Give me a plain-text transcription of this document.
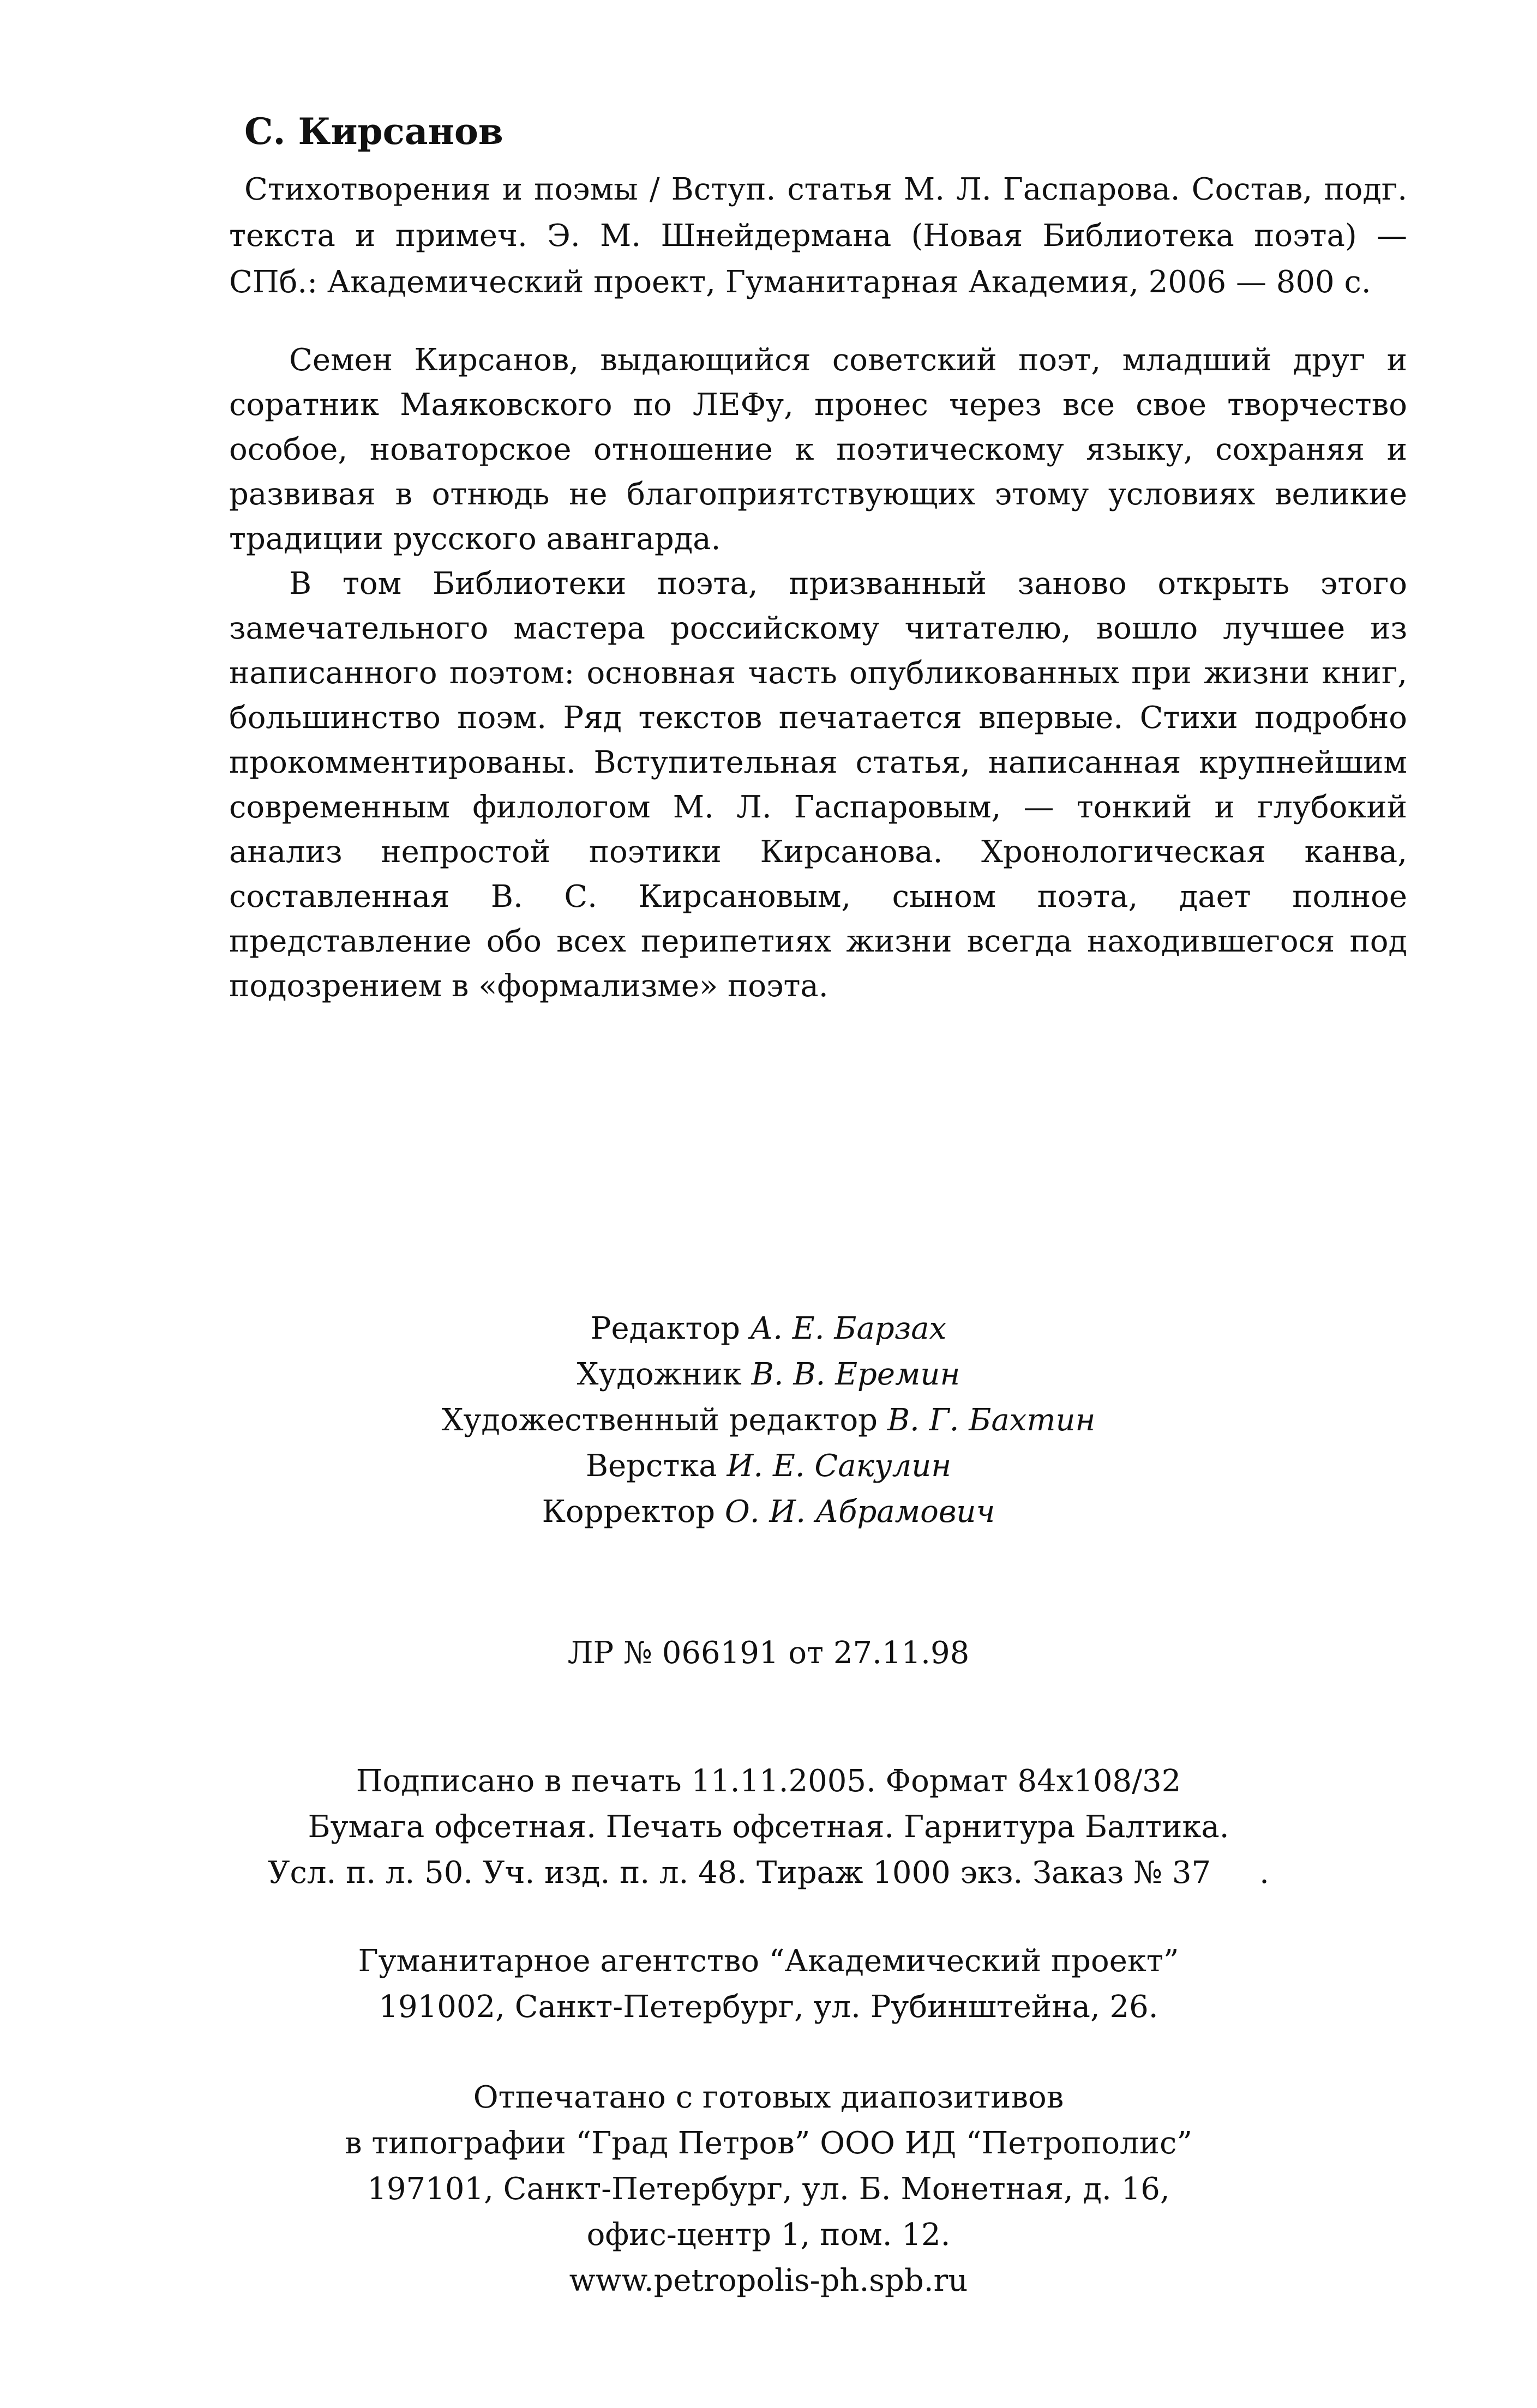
С. Кирсанов

Стихотворения и поэмы / Вступ. статья М. Л. Гаспарова. Состав, подг. текста и примеч. Э. М. Шнейдермана (Новая Библиотека поэта) — СПб.: Академический проект, Гуманитарная Академия, 2006 — 800 с.

Семен Кирсанов, выдающийся советский поэт, младший друг и соратник Маяковского по ЛЕФу, пронес через все свое творчество особое, новаторское отношение к поэтическому языку, сохраняя и развивая в отнюдь не благоприятствующих этому условиях великие традиции русского авангарда.

В том Библиотеки поэта, призванный заново открыть этого замечательного мастера российскому читателю, вошло лучшее из написанного поэтом: основная часть опубликованных при жизни книг, большинство поэм. Ряд текстов печатается впервые. Стихи подробно прокомментированы. Вступительная статья, написанная крупнейшим современным филологом М. Л. Гаспаровым, — тонкий и глубокий анализ непростой поэтики Кирсанова. Хронологическая канва, составленная В. С. Кирсановым, сыном поэта, дает полное представление обо всех перипетиях жизни всегда находившегося под подозрением в «формализме» поэта.

Редактор А. Е. Барзах
Художник В. В. Еремин
Художественный редактор В. Г. Бахтин
Верстка И. Е. Сакулин
Корректор О. И. Абрамович
ЛР № 066191 от 27.11.98
Подписано в печать 11.11.2005. Формат 84x108/32
Бумага офсетная. Печать офсетная. Гарнитура Балтика.
Усл. п. л. 50. Уч. изд. п. л. 48. Тираж 1000 экз. Заказ № 37     .
Гуманитарное агентство “Академический проект”
191002, Санкт-Петербург, ул. Рубинштейна, 26.
Отпечатано с готовых диапозитивов
в типографии “Град Петров” ООО ИД “Петрополис”
197101, Санкт-Петербург, ул. Б. Монетная, д. 16,
офис-центр 1, пом. 12.
www.petropolis-ph.spb.ru
